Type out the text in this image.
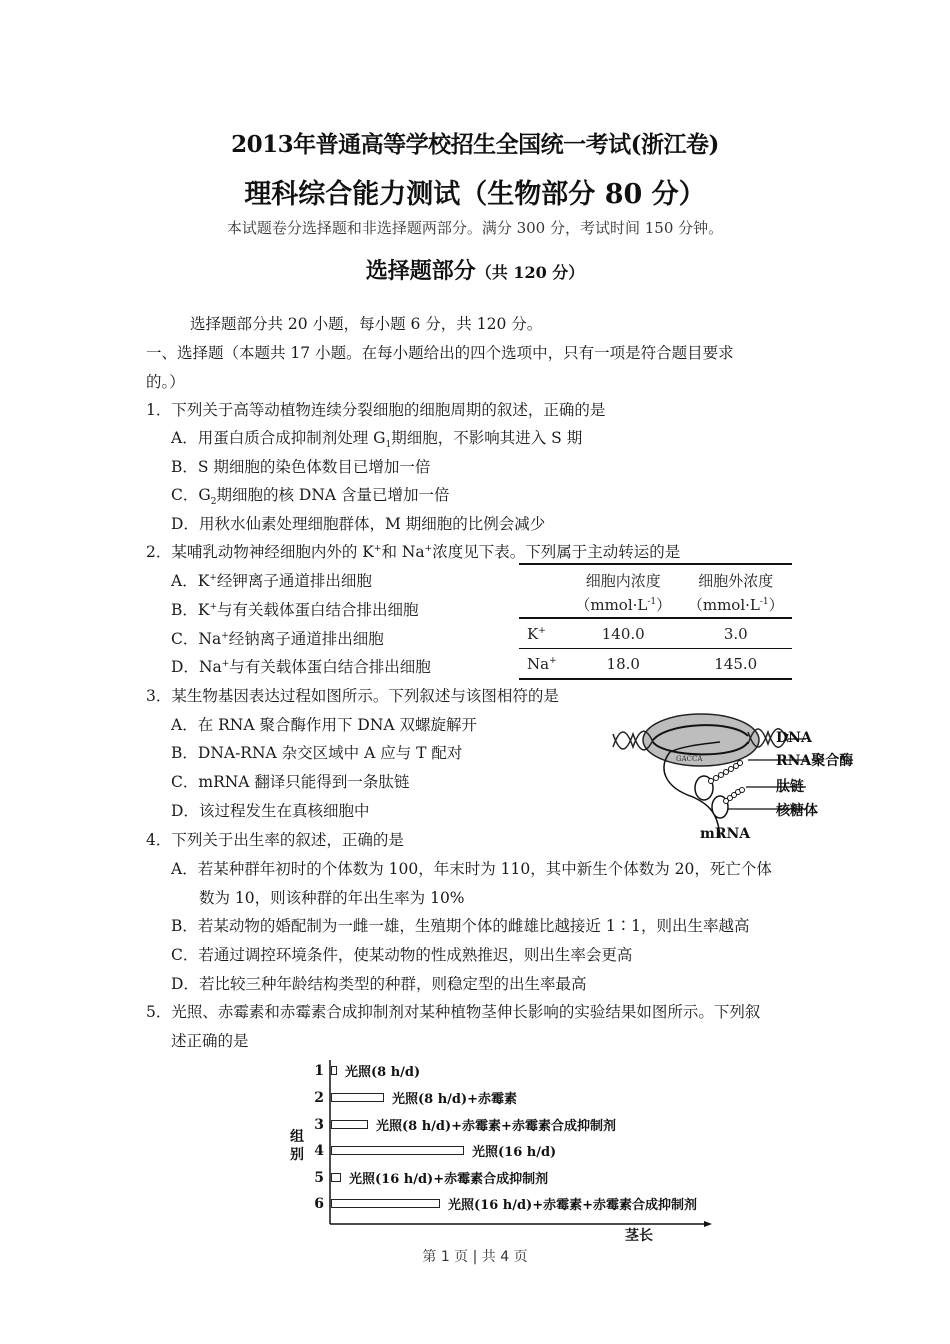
2013年普通高等学校招生全国统一考试(浙江卷)
理科综合能力测试（生物部分 80 分）
本试题卷分选择题和非选择题两部分。满分 300 分，考试时间 150 分钟。
选择题部分（共 120 分）
选择题部分共 20 小题，每小题 6 分，共 120 分。
一、选择题（本题共 17 小题。在每小题给出的四个选项中，只有一项是符合题目要求
的。）
1．下列关于高等动植物连续分裂细胞的细胞周期的叙述，正确的是
A．用蛋白质合成抑制剂处理 $G_1$期细胞，不影响其进入 S 期
B．S 期细胞的染色体数目已增加一倍
C．$G_2$期细胞的核 DNA 含量已增加一倍
D．用秋水仙素处理细胞群体，M 期细胞的比例会减少
2．某哺乳动物神经细胞内外的 K+和 Na+浓度见下表。下列属于主动转运的是
A．K+经钾离子通道排出细胞
B．K+与有关载体蛋白结合排出细胞
C．Na+经钠离子通道排出细胞
D．Na+与有关载体蛋白结合排出细胞
	细胞内浓度	细胞外浓度
	$(mmol\cdot L^{-1})$	$(mmol\cdot L^{-1})$
K+	140.0	3.0
Na+	18.0	145.0
3．某生物基因表达过程如图所示。下列叙述与该图相符的是
A．在 RNA 聚合酶作用下 DNA 双螺旋解开
B．DNA-RNA 杂交区域中 A 应与 T 配对
C．mRNA 翻译只能得到一条肽链
D．该过程发生在真核细胞中
GACCA
DNA
RNA聚合酶
肽链
核糖体
mRNA
4．下列关于出生率的叙述，正确的是
A．若某种群年初时的个体数为 100，年末时为 110，其中新生个体数为 20，死亡个体
数为 10，则该种群的年出生率为 10%
B．若某动物的婚配制为一雌一雄，生殖期个体的雌雄比越接近 1∶1，则出生率越高
C．若通过调控环境条件，使某动物的性成熟推迟，则出生率会更高
D．若比较三种年龄结构类型的种群，则稳定型的出生率最高
5．光照、赤霉素和赤霉素合成抑制剂对某种植物茎伸长影响的实验结果如图所示。下列叙
述正确的是
组别
茎长
1 光照(8 h/d)
2	光照(8 h/d)+赤霉素
3	光照(8 h/d)+赤霉素+赤霉素合成抑制剂
4	光照(16 h/d)
5 光照(16 h/d)+赤霉素合成抑制剂
6	光照(16 h/d)+赤霉素+赤霉素合成抑制剂
第 1 页 | 共 4 页
